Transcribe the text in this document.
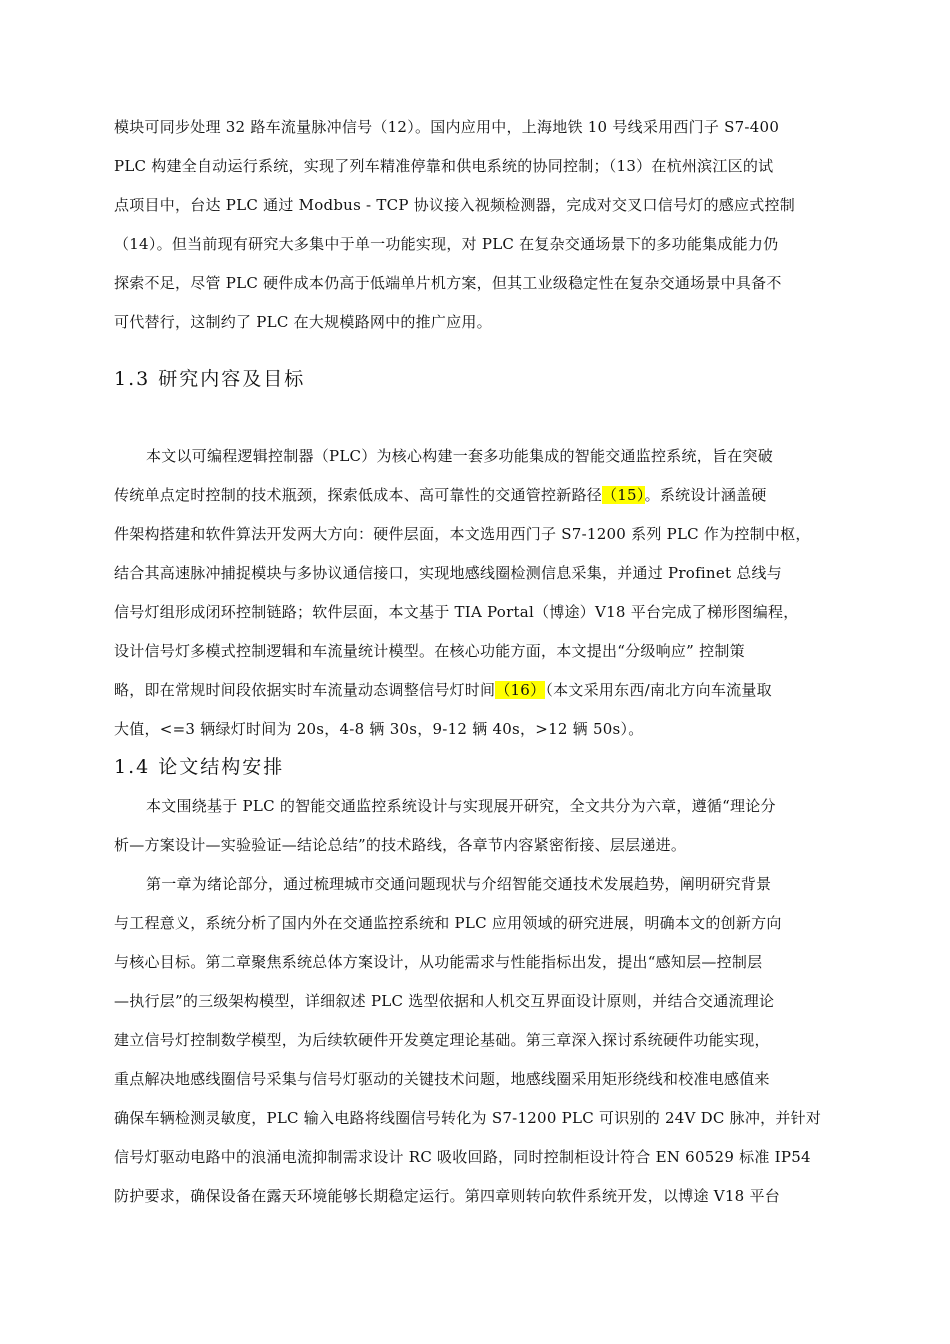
模块可同步处理 32 路车流量脉冲信号（12）。国内应用中，上海地铁 10 号线采用西门子 S7-400
PLC 构建全自动运行系统，实现了列车精准停靠和供电系统的协同控制；（13）在杭州滨江区的试
点项目中，台达 PLC 通过 Modbus - TCP 协议接入视频检测器，完成对交叉口信号灯的感应式控制
（14）。但当前现有研究大多集中于单一功能实现，对 PLC 在复杂交通场景下的多功能集成能力仍
探索不足，尽管 PLC 硬件成本仍高于低端单片机方案，但其工业级稳定性在复杂交通场景中具备不
可代替行，这制约了 PLC 在大规模路网中的推广应用。
1.3 研究内容及目标
本文以可编程逻辑控制器（PLC）为核心构建一套多功能集成的智能交通监控系统，旨在突破
传统单点定时控制的技术瓶颈，探索低成本、高可靠性的交通管控新路径（15）。系统设计涵盖硬
件架构搭建和软件算法开发两大方向：硬件层面，本文选用西门子 S7-1200 系列 PLC 作为控制中枢，
结合其高速脉冲捕捉模块与多协议通信接口，实现地感线圈检测信息采集，并通过 Profinet 总线与
信号灯组形成闭环控制链路；软件层面，本文基于 TIA Portal（博途）V18 平台完成了梯形图编程，
设计信号灯多模式控制逻辑和车流量统计模型。在核心功能方面，本文提出“分级响应” 控制策
略，即在常规时间段依据实时车流量动态调整信号灯时间（16）（本文采用东西/南北方向车流量取
大值，<=3 辆绿灯时间为 20s，4-8 辆 30s，9-12 辆 40s，>12 辆 50s）。
1.4 论文结构安排
本文围绕基于 PLC 的智能交通监控系统设计与实现展开研究，全文共分为六章，遵循“理论分
析—方案设计—实验验证—结论总结”的技术路线，各章节内容紧密衔接、层层递进。
第一章为绪论部分，通过梳理城市交通问题现状与介绍智能交通技术发展趋势，阐明研究背景
与工程意义，系统分析了国内外在交通监控系统和 PLC 应用领域的研究进展，明确本文的创新方向
与核心目标。第二章聚焦系统总体方案设计，从功能需求与性能指标出发，提出“感知层—控制层
—执行层”的三级架构模型，详细叙述 PLC 选型依据和人机交互界面设计原则，并结合交通流理论
建立信号灯控制数学模型，为后续软硬件开发奠定理论基础。第三章深入探讨系统硬件功能实现，
重点解决地感线圈信号采集与信号灯驱动的关键技术问题，地感线圈采用矩形绕线和校准电感值来
确保车辆检测灵敏度，PLC 输入电路将线圈信号转化为 S7-1200 PLC 可识别的 24V DC 脉冲，并针对
信号灯驱动电路中的浪涌电流抑制需求设计 RC 吸收回路，同时控制柜设计符合 EN 60529 标准 IP54
防护要求，确保设备在露天环境能够长期稳定运行。第四章则转向软件系统开发，以博途 V18 平台
